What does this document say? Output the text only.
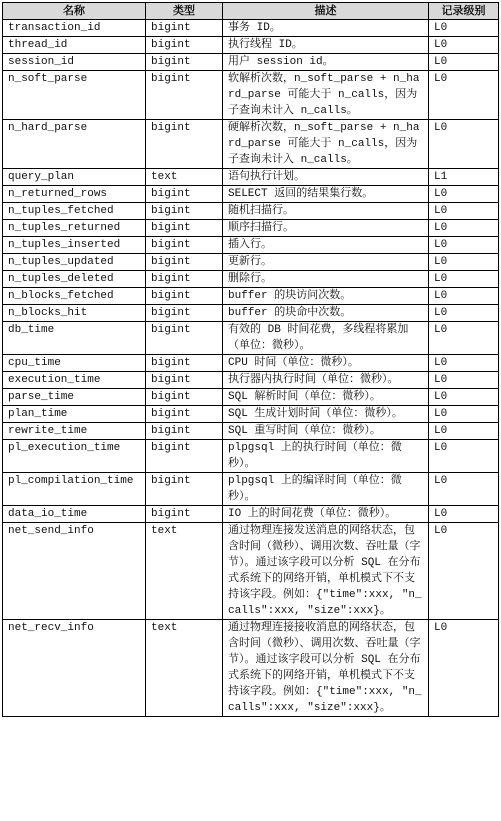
名称	类型	描述	记录级别
transaction_id	bigint	事务 ID。	L0
thread_id	bigint	执行线程 ID。	L0
session_id	bigint	用户 session id。	L0
n_soft_parse	bigint	软解析次数，n_soft_parse + n_hard_parse 可能大于 n_calls，因为子查询未计入 n_calls。	L0
n_hard_parse	bigint	硬解析次数，n_soft_parse + n_hard_parse 可能大于 n_calls，因为子查询未计入 n_calls。	L0
query_plan	text	语句执行计划。	L1
n_returned_rows	bigint	SELECT 返回的结果集行数。	L0
n_tuples_fetched	bigint	随机扫描行。	L0
n_tuples_returned	bigint	顺序扫描行。	L0
n_tuples_inserted	bigint	插入行。	L0
n_tuples_updated	bigint	更新行。	L0
n_tuples_deleted	bigint	删除行。	L0
n_blocks_fetched	bigint	buffer 的块访问次数。	L0
n_blocks_hit	bigint	buffer 的块命中次数。	L0
db_time	bigint	有效的 DB 时间花费，多线程将累加（单位：微秒）。	L0
cpu_time	bigint	CPU 时间（单位：微秒）。	L0
execution_time	bigint	执行器内执行时间（单位：微秒）。	L0
parse_time	bigint	SQL 解析时间（单位：微秒）。	L0
plan_time	bigint	SQL 生成计划时间（单位：微秒）。	L0
rewrite_time	bigint	SQL 重写时间（单位：微秒）。	L0
pl_execution_time	bigint	plpgsql 上的执行时间（单位：微秒）。	L0
pl_compilation_time	bigint	plpgsql 上的编译时间（单位：微秒）。	L0
data_io_time	bigint	IO 上的时间花费（单位：微秒）。	L0
net_send_info	text	通过物理连接发送消息的网络状态，包含时间（微秒）、调用次数、吞吐量（字节）。通过该字段可以分析 SQL 在分布式系统下的网络开销，单机模式下不支持该字段。例如：{"time":xxx, "n_calls":xxx, "size":xxx}。	L0
net_recv_info	text	通过物理连接接收消息的网络状态，包含时间（微秒）、调用次数、吞吐量（字节）。通过该字段可以分析 SQL 在分布式系统下的网络开销，单机模式下不支持该字段。例如：{"time":xxx, "n_calls":xxx, "size":xxx}。	L0
